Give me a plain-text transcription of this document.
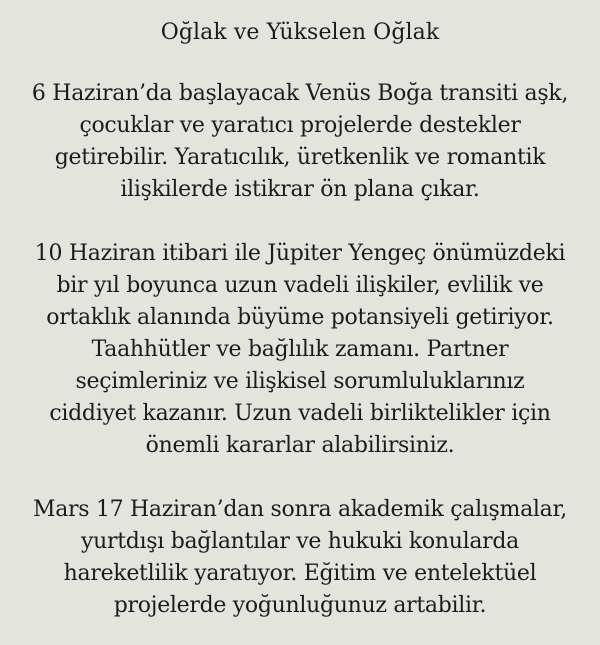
Oğlak ve Yükselen Oğlak
6 Haziran’da başlayacak Venüs Boğa transiti aşk,
çocuklar ve yaratıcı projelerde destekler
getirebilir. Yaratıcılık, üretkenlik ve romantik
ilişkilerde istikrar ön plana çıkar.
10 Haziran itibari ile Jüpiter Yengeç önümüzdeki
bir yıl boyunca uzun vadeli ilişkiler, evlilik ve
ortaklık alanında büyüme potansiyeli getiriyor.
Taahhütler ve bağlılık zamanı. Partner
seçimleriniz ve ilişkisel sorumluluklarınız
ciddiyet kazanır. Uzun vadeli birliktelikler için
önemli kararlar alabilirsiniz.
Mars 17 Haziran’dan sonra akademik çalışmalar,
yurtdışı bağlantılar ve hukuki konularda
hareketlilik yaratıyor. Eğitim ve entelektüel
projelerde yoğunluğunuz artabilir.
